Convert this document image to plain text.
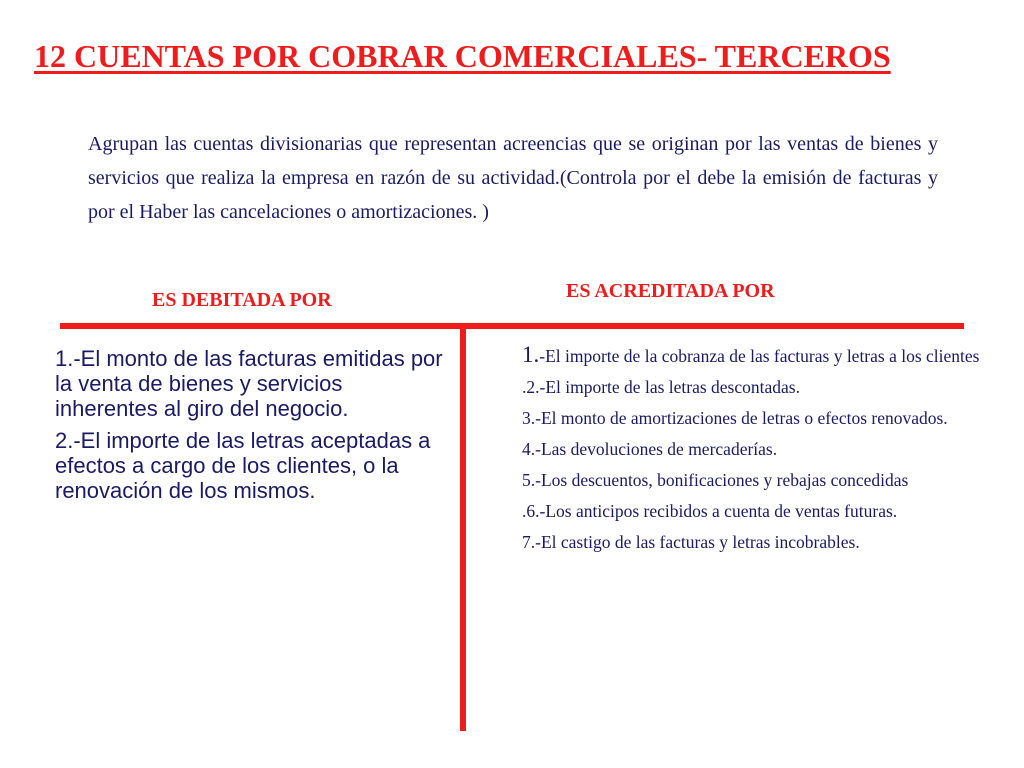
12 CUENTAS POR COBRAR COMERCIALES- TERCEROS

Agrupan las cuentas divisionarias que representan acreencias que se originan por las ventas de bienes y servicios que realiza la empresa en razón de su actividad.(Controla por el debe la emisión de facturas y por el Haber las cancelaciones o amortizaciones. )

ES DEBITADA POR	ES ACREDITADA POR
1.-El monto de las facturas emitidas por la venta de bienes y servicios inherentes al giro del negocio.
2.-El importe de las letras aceptadas a efectos a cargo de los clientes, o la renovación de los mismos.
1.-El importe de la cobranza de las facturas y letras a los clientes
.2.-El importe de las letras descontadas.
3.-El monto de amortizaciones de letras o efectos renovados.
4.-Las devoluciones de mercaderías.
5.-Los descuentos, bonificaciones y rebajas concedidas
.6.-Los anticipos recibidos a cuenta de ventas futuras.
7.-El castigo de las facturas y letras incobrables.
